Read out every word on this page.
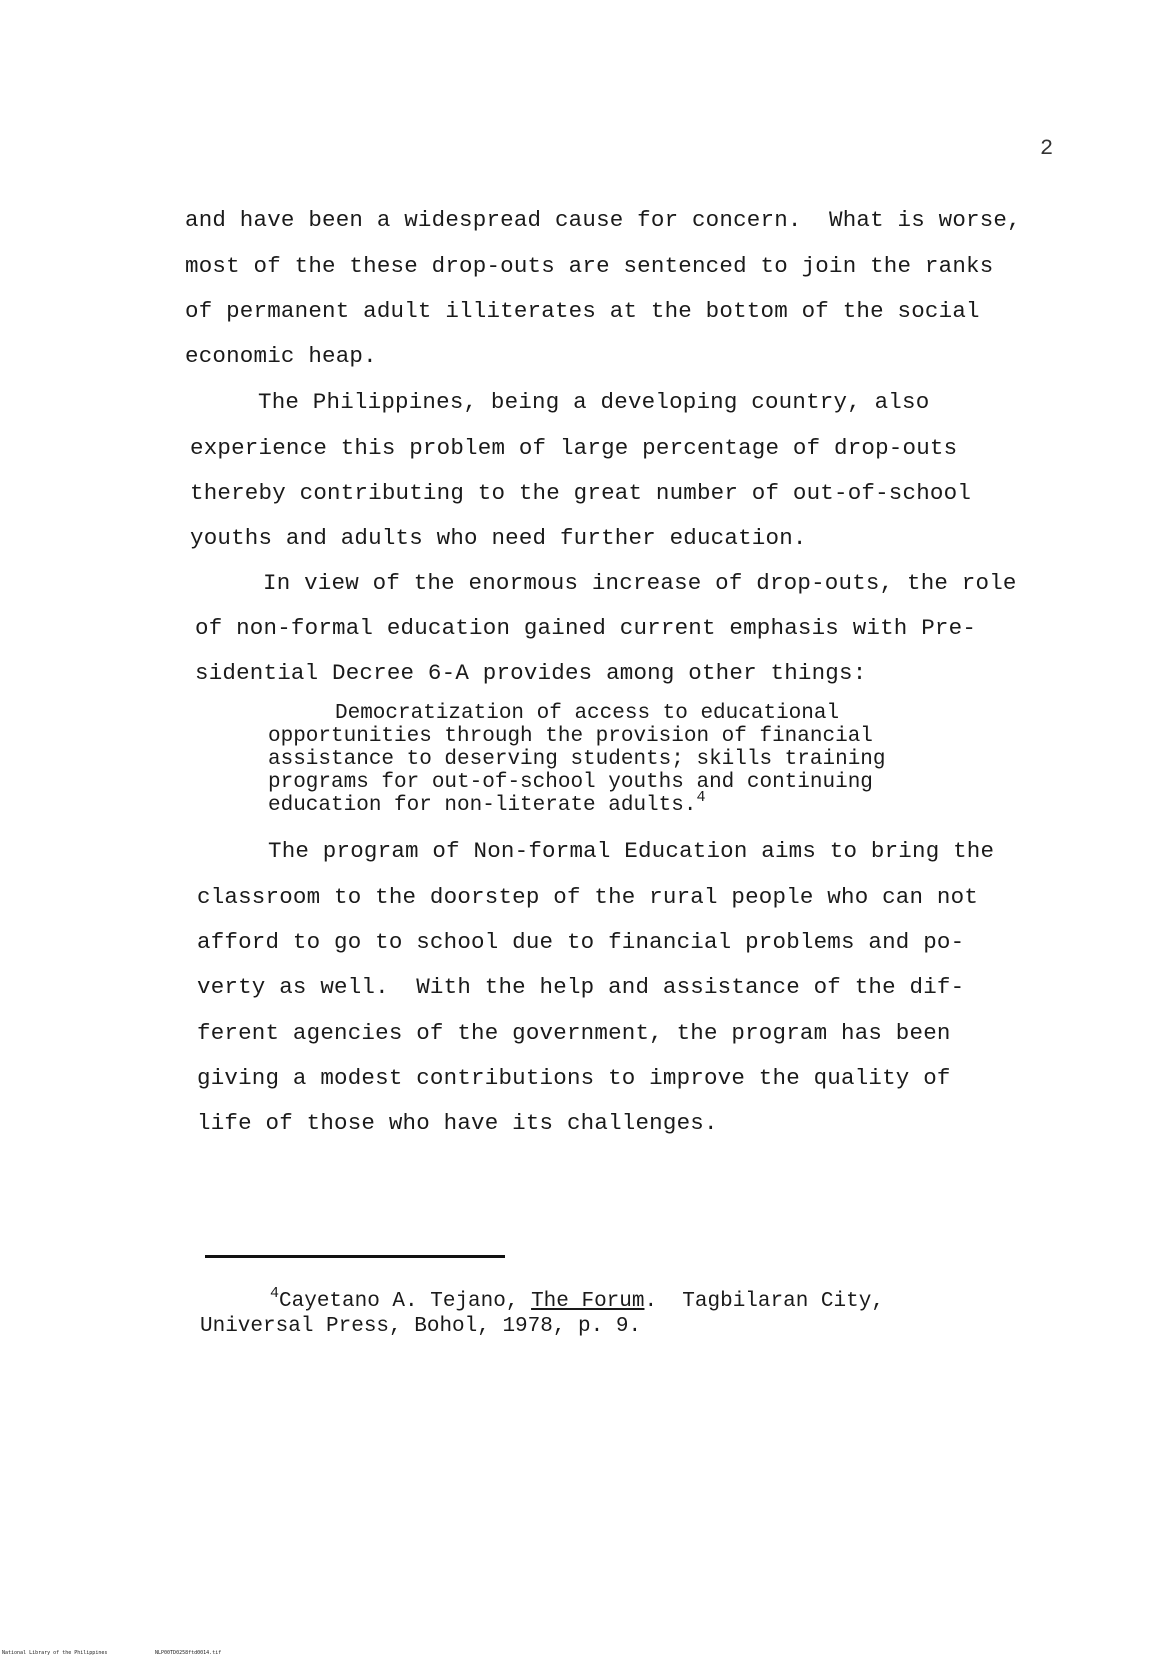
2
and have been a widespread cause for concern.  What is worse,
most of the these drop-outs are sentenced to join the ranks
of permanent adult illiterates at the bottom of the social
economic heap.
The Philippines, being a developing country, also
experience this problem of large percentage of drop-outs
thereby contributing to the great number of out-of-school
youths and adults who need further education.
In view of the enormous increase of drop-outs, the role
of non-formal education gained current emphasis with Pre-
sidential Decree 6-A provides among other things:
Democratization of access to educational
opportunities through the provision of financial
assistance to deserving students; skills training
programs for out-of-school youths and continuing
education for non-literate adults.$^4$
The program of Non-formal Education aims to bring the
classroom to the doorstep of the rural people who can not
afford to go to school due to financial problems and po-
verty as well.  With the help and assistance of the dif-
ferent agencies of the government, the program has been
giving a modest contributions to improve the quality of
life of those who have its challenges.
$^4$Cayetano A. Tejano, The Forum.  Tagbilaran City,
Universal Press, Bohol, 1978, p. 9.
National Library of the Philippines	NLP00TD0258ftd0014.tif
